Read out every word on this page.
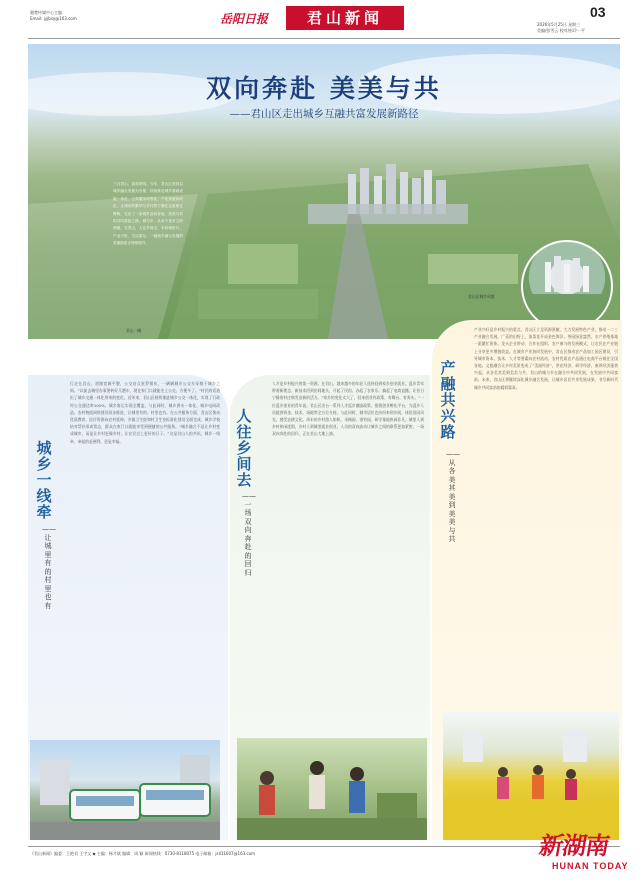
湘楚传媒中心主编
Email: jyjbsy@163.com	岳阳日报	君山新闻	03
2026年5月25日 星期三
美编/彭雪云 校对/彭玲一平
双向奔赴 美美与共
——君山区走出城乡互融共富发展新路径
三月君山，春和景明。今年，君山区坚持以城乡融合发展为引领，持续推进城乡基础设施一体化、公共服务均等化、产业发展协同化，让城市的繁华与乡村的宁静在这里相互辉映，走出了一条城乡双向奔赴、美美与共的共同富裕之路。城与乡，从来不是对立的两端。在君山，人往乡间去，车向城里行，产业兴旺，生活富足，一幅城乡融合发展的美丽画卷正徐徐展开。
君山一隅
君山区城乡风貌
城乡一线牵
——让城里有的村里也有
行走在君山，道路宽阔平整，公交站点星罗棋布，一辆辆城乡公交车穿梭于城乡之间。“以前去城里办事要转好几趟车，现在家门口就能坐上公交，方便多了。”村民的话道出了城乡交通一体化带来的变化。近年来，君山区持续推进城乡公交一体化，实现了行政村公交通达率100%，城乡客运实现全覆盖。与此同时，城乡供水一体化、城乡电网改造、农村物流网络建设同步推进，让城里有的，村里也有。在公共服务方面，君山区推动优质教育、医疗资源向农村延伸，乡镇卫生院和村卫生室标准化建设全面完成，城乡学校结对帮扶形成常态，群众在家门口就能享受到便捷的公共服务。“城乡融合不是让乡村变成城市，而是让乡村更像乡村，让农民过上更好的日子。”这是君山人的共识。城乡一线牵，牵起的是便利，更是幸福。
人往乡间去
——一场双向奔赴的回归
人才是乡村振兴的第一资源。在君山，越来越多的年轻人选择回到家乡创业就业。返乡青年带着新理念、新技术回到田间地头，开起了民宿、办起了农家乐、搞起了电商直播，让昔日宁静的村庄焕发出新的活力。“家乡的变化太大了，回来创业有政策、有舞台、有奔头。”一位返乡创业的青年说。君山区出台一系列人才返乡激励政策，搭建创业孵化平台，为返乡人员提供资金、技术、场地等全方位支持。与此同时，城市居民也纷纷来到乡间，体验田园风光，感受农耕文化。周末的乡村游人如织，采摘园、垂钓园、研学基地热闹非凡。城里人到乡村休闲度假，乡村人到城里就业创业，人员的双向流动让城乡之间的联系更加紧密。一场双向奔赴的回归，正在君山大地上演。
产融共兴路
——从各美其美到美美与共
产业兴旺是乡村振兴的重点。君山区立足资源禀赋，大力发展特色产业，推动一二三产业融合发展。广袤的田野上，油菜花开成金色海洋，茶园绿意盎然，水产养殖基地一派繁忙景象。龙头企业带动、合作社组织、农户参与的发展模式，让农民在产业链上分享更多增值收益。在城乡产业协同发展中，君山区推动农产品加工园区建设，引导城市资本、技术、人才等要素向农村流动，农村优质农产品通过电商平台销往全国各地。文旅融合让乡村美景变成了“美丽经济”，赏花经济、研学经济、康养经济蓬勃兴起。从各美其美到美美与共，君山的城与乡在融合中共同发展，在发展中共同富裕。未来，君山区将继续深化城乡融合发展，让城乡居民共享发展成果，书写新时代城乡共同富裕的精彩篇章。
《君山新闻》编委：王艳君 王宇文 ◆ 主编：杨才斌 编辑：周 颖 新闻热线：0730-8118075 电子邮箱：jsll11607@163.com	新湖南
HUNAN TODAY
